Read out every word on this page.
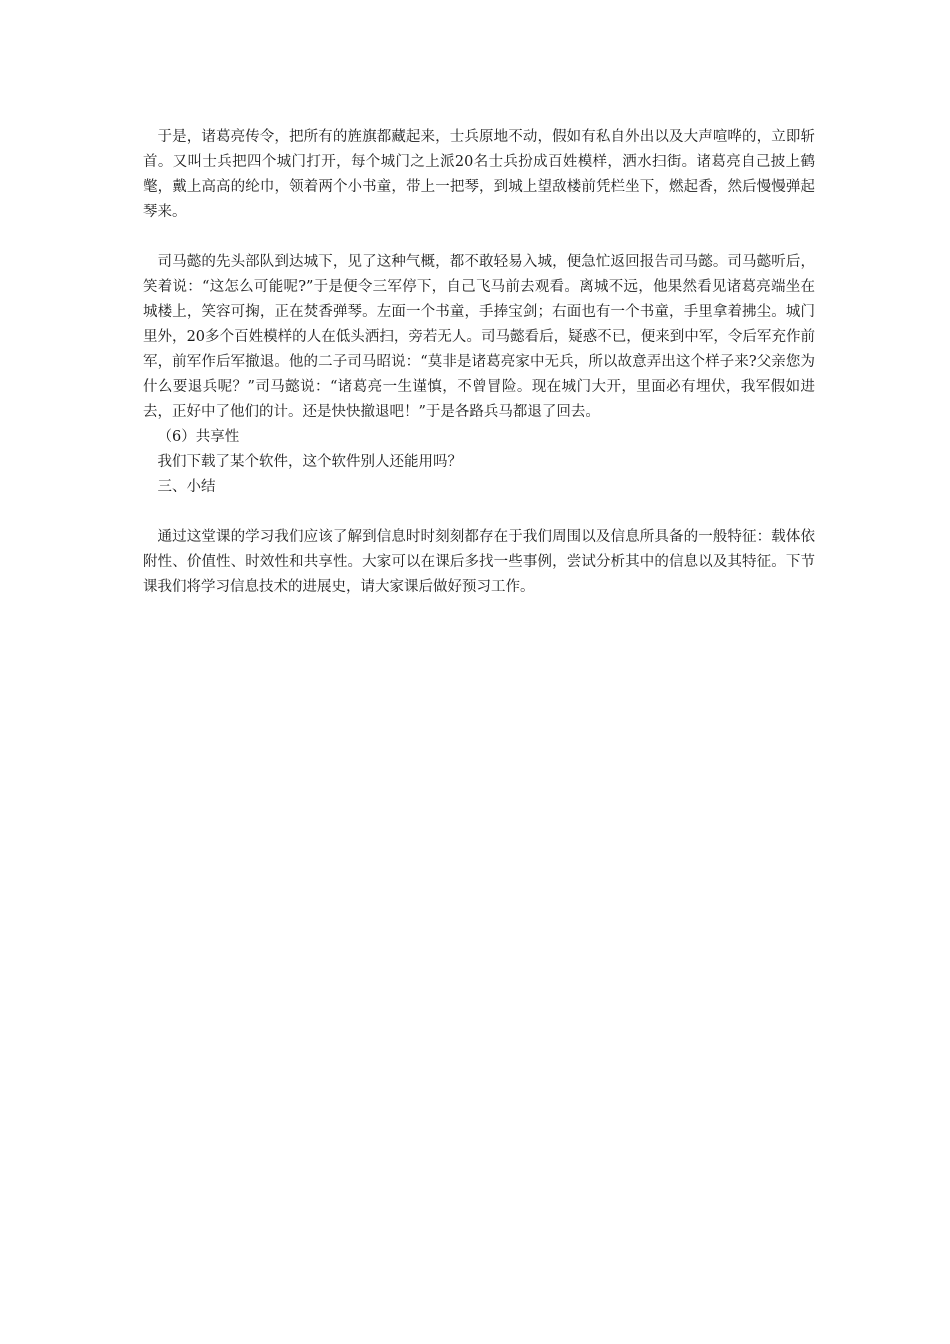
于是，诸葛亮传令，把所有的旌旗都藏起来，士兵原地不动，假如有私自外出以及大声喧哗的，立即斩首。又叫士兵把四个城门打开，每个城门之上派20名士兵扮成百姓模样，洒水扫街。诸葛亮自己披上鹤氅，戴上高高的纶巾，领着两个小书童，带上一把琴，到城上望敌楼前凭栏坐下，燃起香，然后慢慢弹起琴来。

司马懿的先头部队到达城下，见了这种气概，都不敢轻易入城，便急忙返回报告司马懿。司马懿听后，笑着说：“这怎么可能呢?”于是便令三军停下，自己飞马前去观看。离城不远，他果然看见诸葛亮端坐在城楼上，笑容可掬，正在焚香弹琴。左面一个书童，手捧宝剑；右面也有一个书童，手里拿着拂尘。城门里外，20多个百姓模样的人在低头洒扫，旁若无人。司马懿看后，疑惑不已，便来到中军，令后军充作前军，前军作后军撤退。他的二子司马昭说：“莫非是诸葛亮家中无兵，所以故意弄出这个样子来?父亲您为什么要退兵呢？”司马懿说：“诸葛亮一生谨慎，不曾冒险。现在城门大开，里面必有埋伏，我军假如进去，正好中了他们的计。还是快快撤退吧！”于是各路兵马都退了回去。

（6）共享性

我们下载了某个软件，这个软件别人还能用吗？

三、小结

通过这堂课的学习我们应该了解到信息时时刻刻都存在于我们周围以及信息所具备的一般特征：载体依附性、价值性、时效性和共享性。大家可以在课后多找一些事例，尝试分析其中的信息以及其特征。下节课我们将学习信息技术的进展史，请大家课后做好预习工作。
